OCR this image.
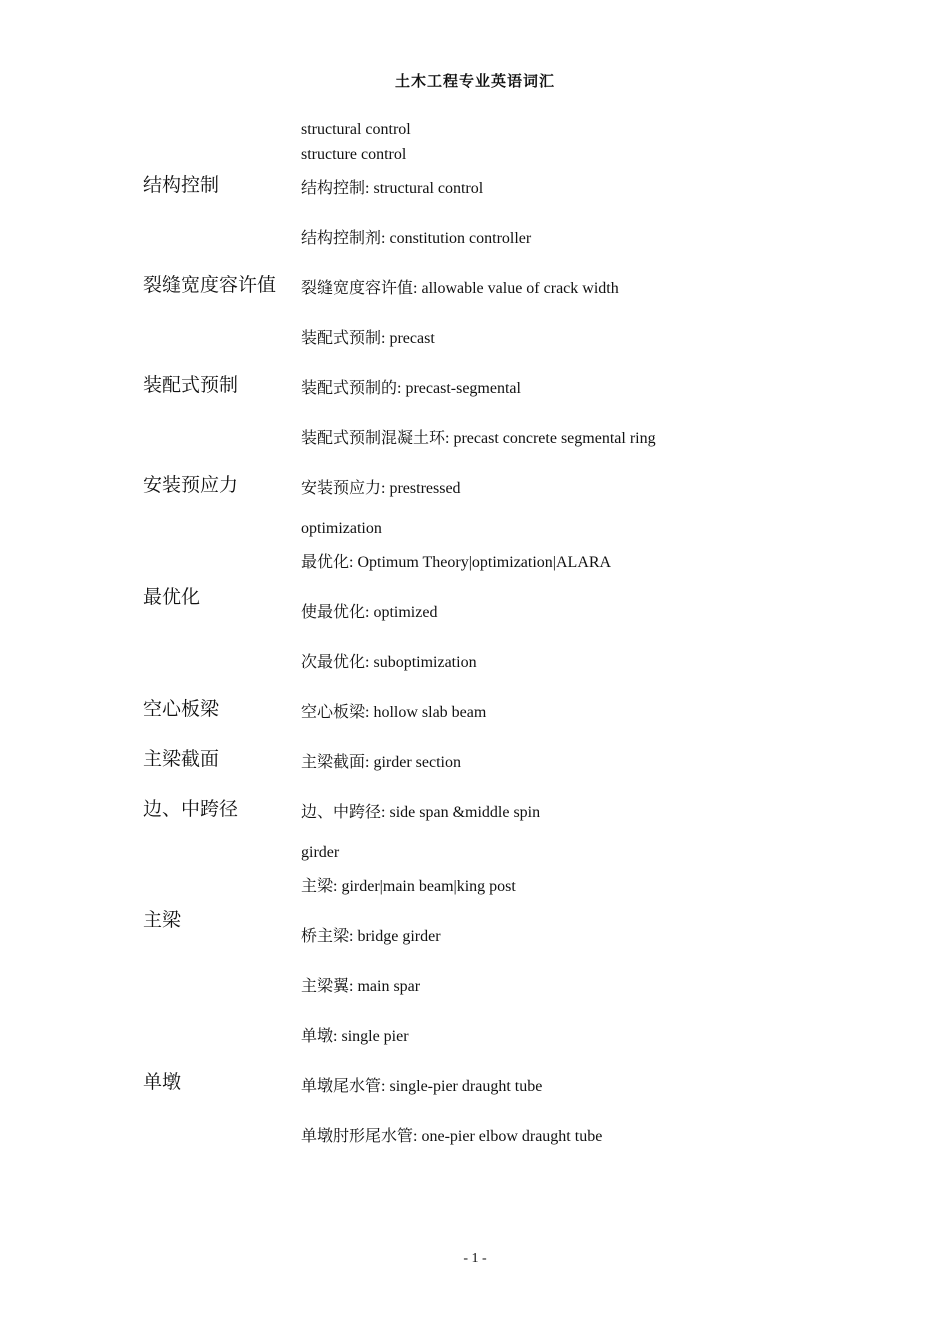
土木工程专业英语词汇
结构控制
裂缝宽度容许值
装配式预制
安装预应力
最优化
空心板梁
主梁截面
边、中跨径
主梁
单墩
structural control
structure control
结构控制: structural control
结构控制剂: constitution controller
裂缝宽度容许值: allowable value of crack width
装配式预制: precast
装配式预制的: precast-segmental
装配式预制混凝土环: precast concrete segmental ring
安装预应力: prestressed
optimization
最优化: Optimum Theory|optimization|ALARA
使最优化: optimized
次最优化: suboptimization
空心板梁: hollow slab beam
主梁截面: girder section
边、中跨径: side span &middle spin
girder
主梁: girder|main beam|king post
桥主梁: bridge girder
主梁翼: main spar
单墩: single pier
单墩尾水管: single-pier draught tube
单墩肘形尾水管: one-pier elbow draught tube
- 1 -
